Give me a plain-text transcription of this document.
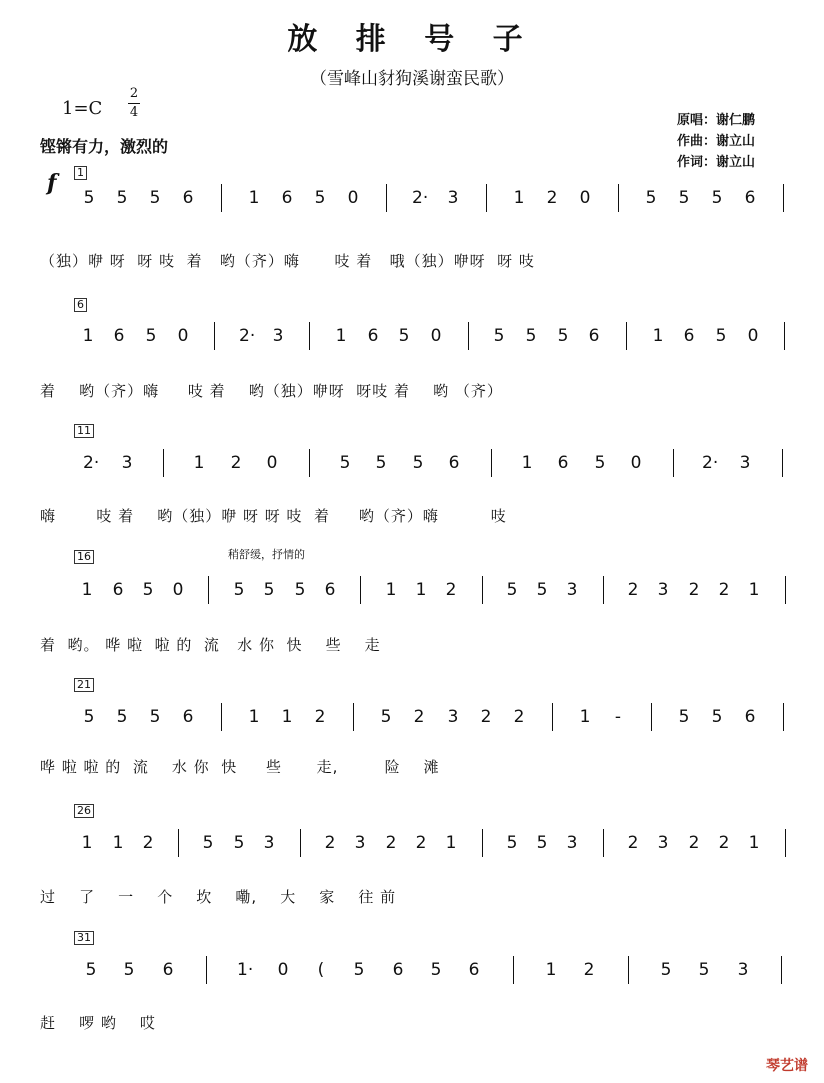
放 排 号 子
（雪峰山豺狗溪谢蛮民歌）
1=C
2
4
铿锵有力，激烈的
原唱：谢仁鹏
作曲：谢立山
作词：谢立山
f 1
5 5 5 6	1 6 5 0	2· 3	1 2 0	5 5 5 6
（独）咿 呀  呀 吱  着   哟（齐）嗨      吱 着   哦（独）咿呀  呀 吱
6
1 6 5 0	2· 3	1 6 5 0	5 5 5 6	1 6 5 0
着    哟（齐）嗨     吱 着    哟（独）咿呀  呀吱 着    哟 （齐）
11
2· 3	1 2 0	5 5 5 6	1 6 5 0	2· 3
嗨       吱 着    哟（独）咿 呀 呀 吱  着     哟（齐）嗨         吱
16
1 6 5 0	5 5 5 6	1 1 2	5 5 3	2 3 2 2 1
着  哟。 哗 啦  啦 的  流   水 你  快    些    走
21
5 5 5 6	1 1 2	5 2 3 2 2	1 -	5 5 6
哗 啦 啦 的  流    水 你  快     些      走,        险    滩
26
1 1 2	5 5 3	2 3 2 2 1	5 5 3	2 3 2 2 1
过    了    一    个    坎    嘞,    大    家    往 前
31
5 5 6	1· 0 ( 5 6 5 6	1 2	5 5 3
赶    啰 哟    哎
稍舒缓，抒情的
琴艺谱
